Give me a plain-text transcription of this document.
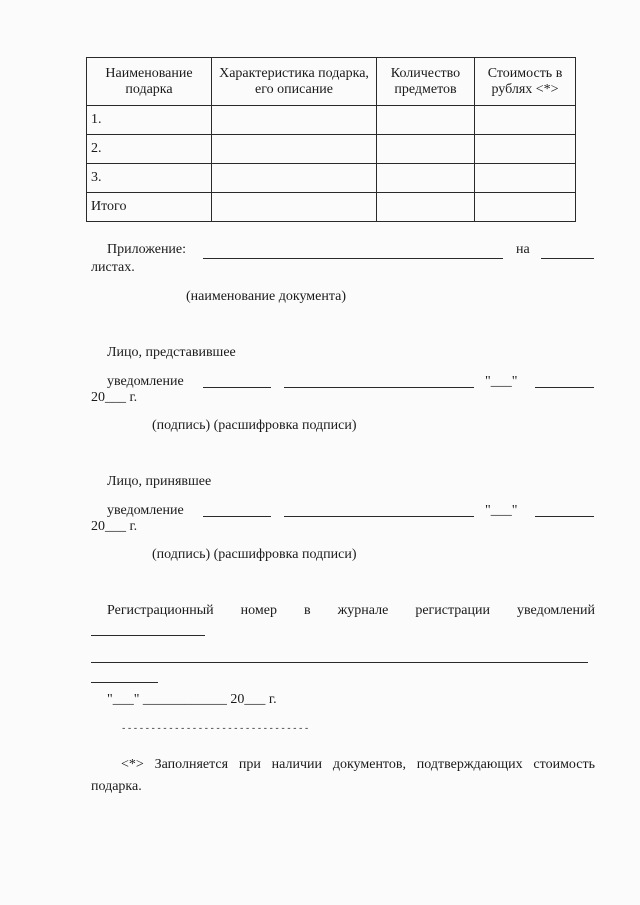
Наименование подарка	Характеристика подарка, его описание	Количество предметов	Стоимость в рублях <*>
1.			
2.			
3.			
Итого			
Приложение:	на
листах.
(наименование документа)
Лицо, представившее
уведомление	"___"
20___ г.
(подпись) (расшифровка подписи)
Лицо, принявшее
уведомление	"___"
20___ г.
(подпись) (расшифровка подписи)
Регистрационный номер в журнале регистрации уведомлений
"___" ____________ 20___ г.
--------------------------------
<*> Заполняется при наличии документов, подтверждающих стоимость подарка.
